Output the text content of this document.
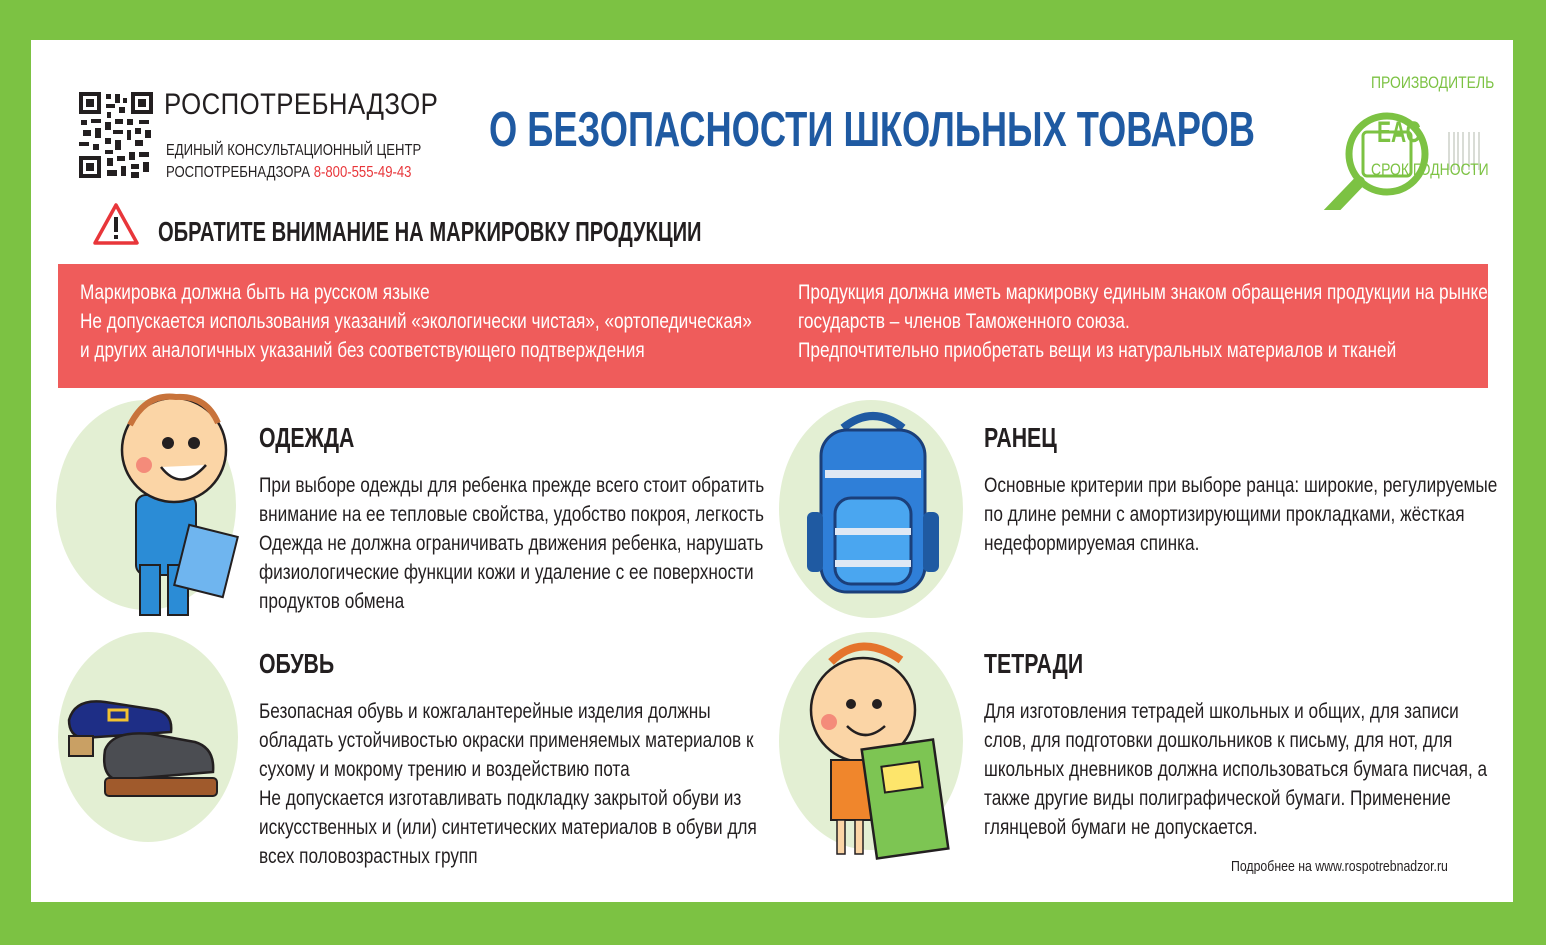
РОСПОТРЕБНАДЗОР
ЕДИНЫЙ КОНСУЛЬТАЦИОННЫЙ ЦЕНТР
РОСПОТРЕБНАДЗОРА 8-800-555-49-43
О БЕЗОПАСНОСТИ ШКОЛЬНЫХ ТОВАРОВ	ЕАС
ПРОИЗВОДИТЕЛЬ
СРОК ГОДНОСТИ
ОБРАТИТЕ ВНИМАНИЕ НА МАРКИРОВКУ ПРОДУКЦИИ
Маркировка должна быть на русском языке
Не допускается использования указаний «экологически чистая», «ортопедическая»
и других аналогичных указаний без соответствующего подтверждения
Продукция должна иметь маркировку единым знаком обращения продукции на рынке
государств – членов Таможенного союза.
Предпочтительно приобретать вещи из натуральных материалов и тканей
ОДЕЖДА
При выборе одежды для ребенка прежде всего стоит обратить
внимание на ее тепловые свойства, удобство покроя, легкость
Одежда не должна ограничивать движения ребенка, нарушать
физиологические функции кожи и удаление с ее поверхности
продуктов обмена
РАНЕЦ
Основные критерии при выборе ранца: широкие, регулируемые
по длине ремни с амортизирующими прокладками, жёсткая
недеформируемая спинка.
ОБУВЬ
Безопасная обувь и кожгалантерейные изделия должны
обладать устойчивостью окраски применяемых материалов к
сухому и мокрому трению и воздействию пота
Не допускается изготавливать подкладку закрытой обуви из
искусственных и (или) синтетических материалов в обуви для
всех половозрастных групп
ТЕТРАДИ
Для изготовления тетрадей школьных и общих, для записи
слов, для подготовки дошкольников к письму, для нот, для
школьных дневников должна использоваться бумага писчая, а
также другие виды полиграфической бумаги. Применение
глянцевой бумаги не допускается.
Подробнее на www.rospotrebnadzor.ru
